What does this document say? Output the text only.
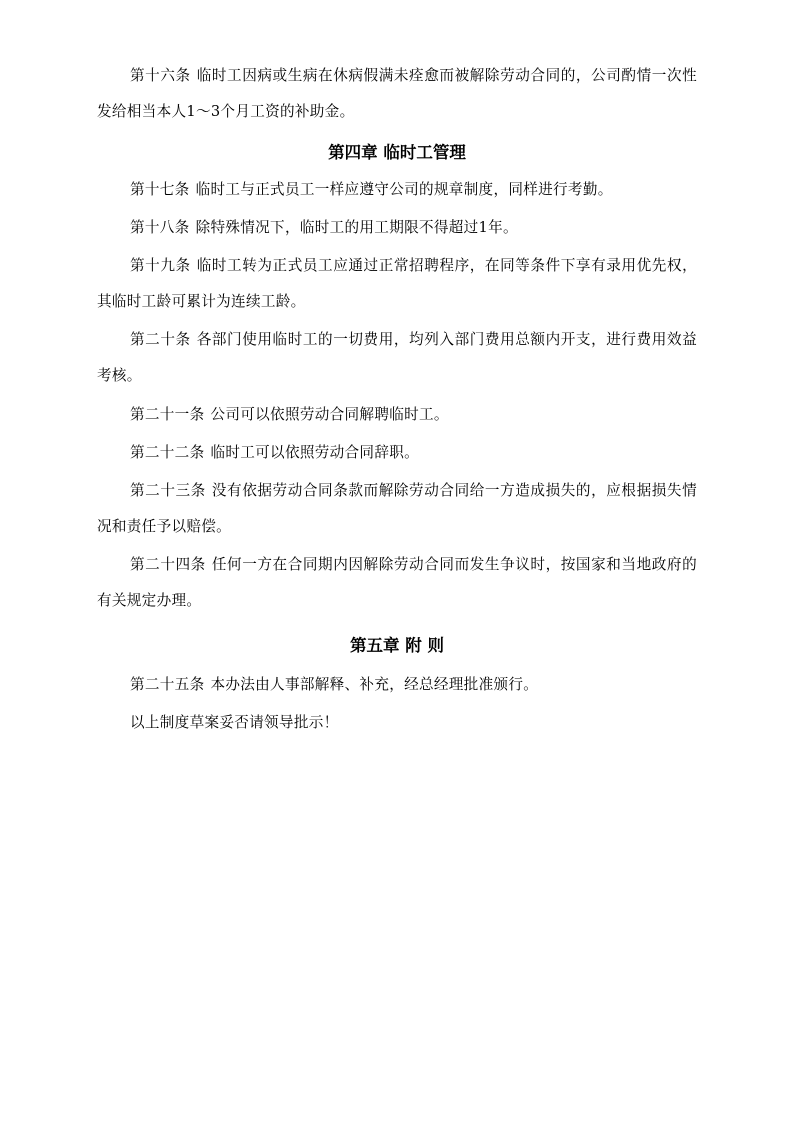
第十六条 临时工因病或生病在休病假满未痊愈而被解除劳动合同的，公司酌情一次性发给相当本人1～3个月工资的补助金。

第四章 临时工管理

第十七条 临时工与正式员工一样应遵守公司的规章制度，同样进行考勤。

第十八条 除特殊情况下，临时工的用工期限不得超过1年。

第十九条 临时工转为正式员工应通过正常招聘程序，在同等条件下享有录用优先权，其临时工龄可累计为连续工龄。

第二十条 各部门使用临时工的一切费用，均列入部门费用总额内开支，进行费用效益考核。

第二十一条 公司可以依照劳动合同解聘临时工。

第二十二条 临时工可以依照劳动合同辞职。

第二十三条 没有依据劳动合同条款而解除劳动合同给一方造成损失的，应根据损失情况和责任予以赔偿。

第二十四条 任何一方在合同期内因解除劳动合同而发生争议时，按国家和当地政府的有关规定办理。

第五章 附 则

第二十五条 本办法由人事部解释、补充，经总经理批准颁行。

以上制度草案妥否请领导批示！
